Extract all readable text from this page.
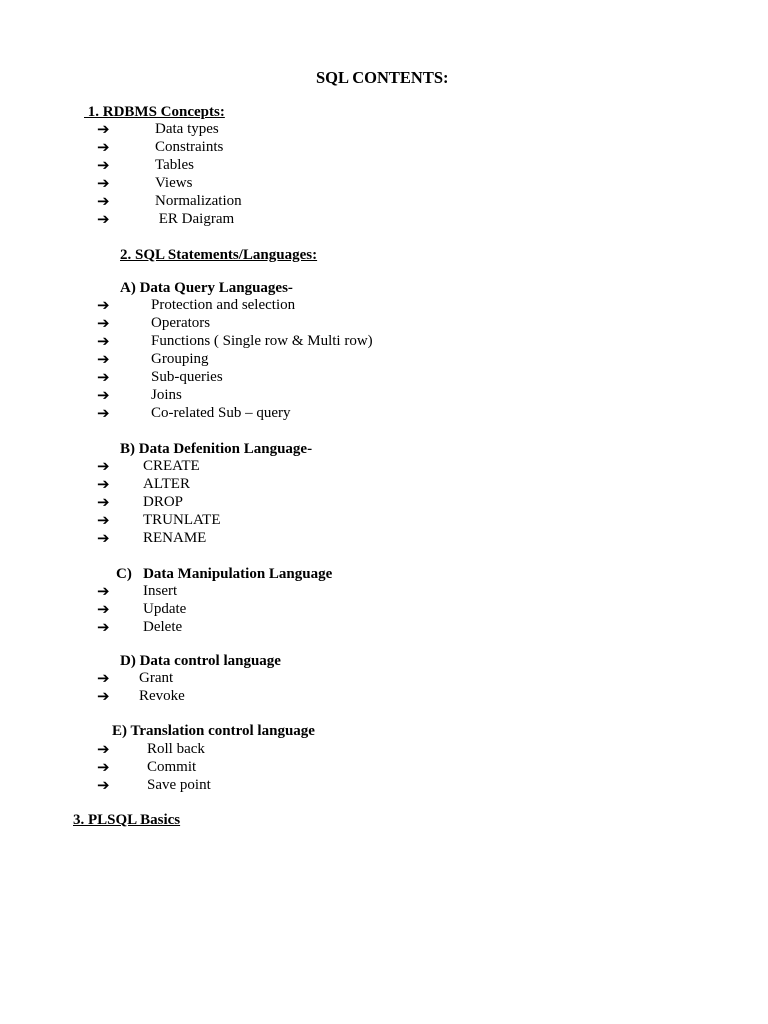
SQL CONTENTS:
1. RDBMS Concepts:
➔	Data types
➔	Constraints
➔	Tables
➔	Views
➔	Normalization
➔	ER Daigram
2. SQL Statements/Languages:
A) Data Query Languages-
➔	Protection and selection
➔	Operators
➔	Functions ( Single row & Multi row)
➔	Grouping
➔	Sub-queries
➔	Joins
➔	Co-related Sub – query
B) Data Defenition Language-
➔ CREATE
➔ ALTER
➔ DROP
➔ TRUNLATE
➔ RENAME
C)   Data Manipulation Language
➔ Insert
➔ Update
➔ Delete
D) Data control language
➔ Grant
➔ Revoke
E) Translation control language
➔ Roll back
➔ Commit
➔ Save point
3. PLSQL Basics
